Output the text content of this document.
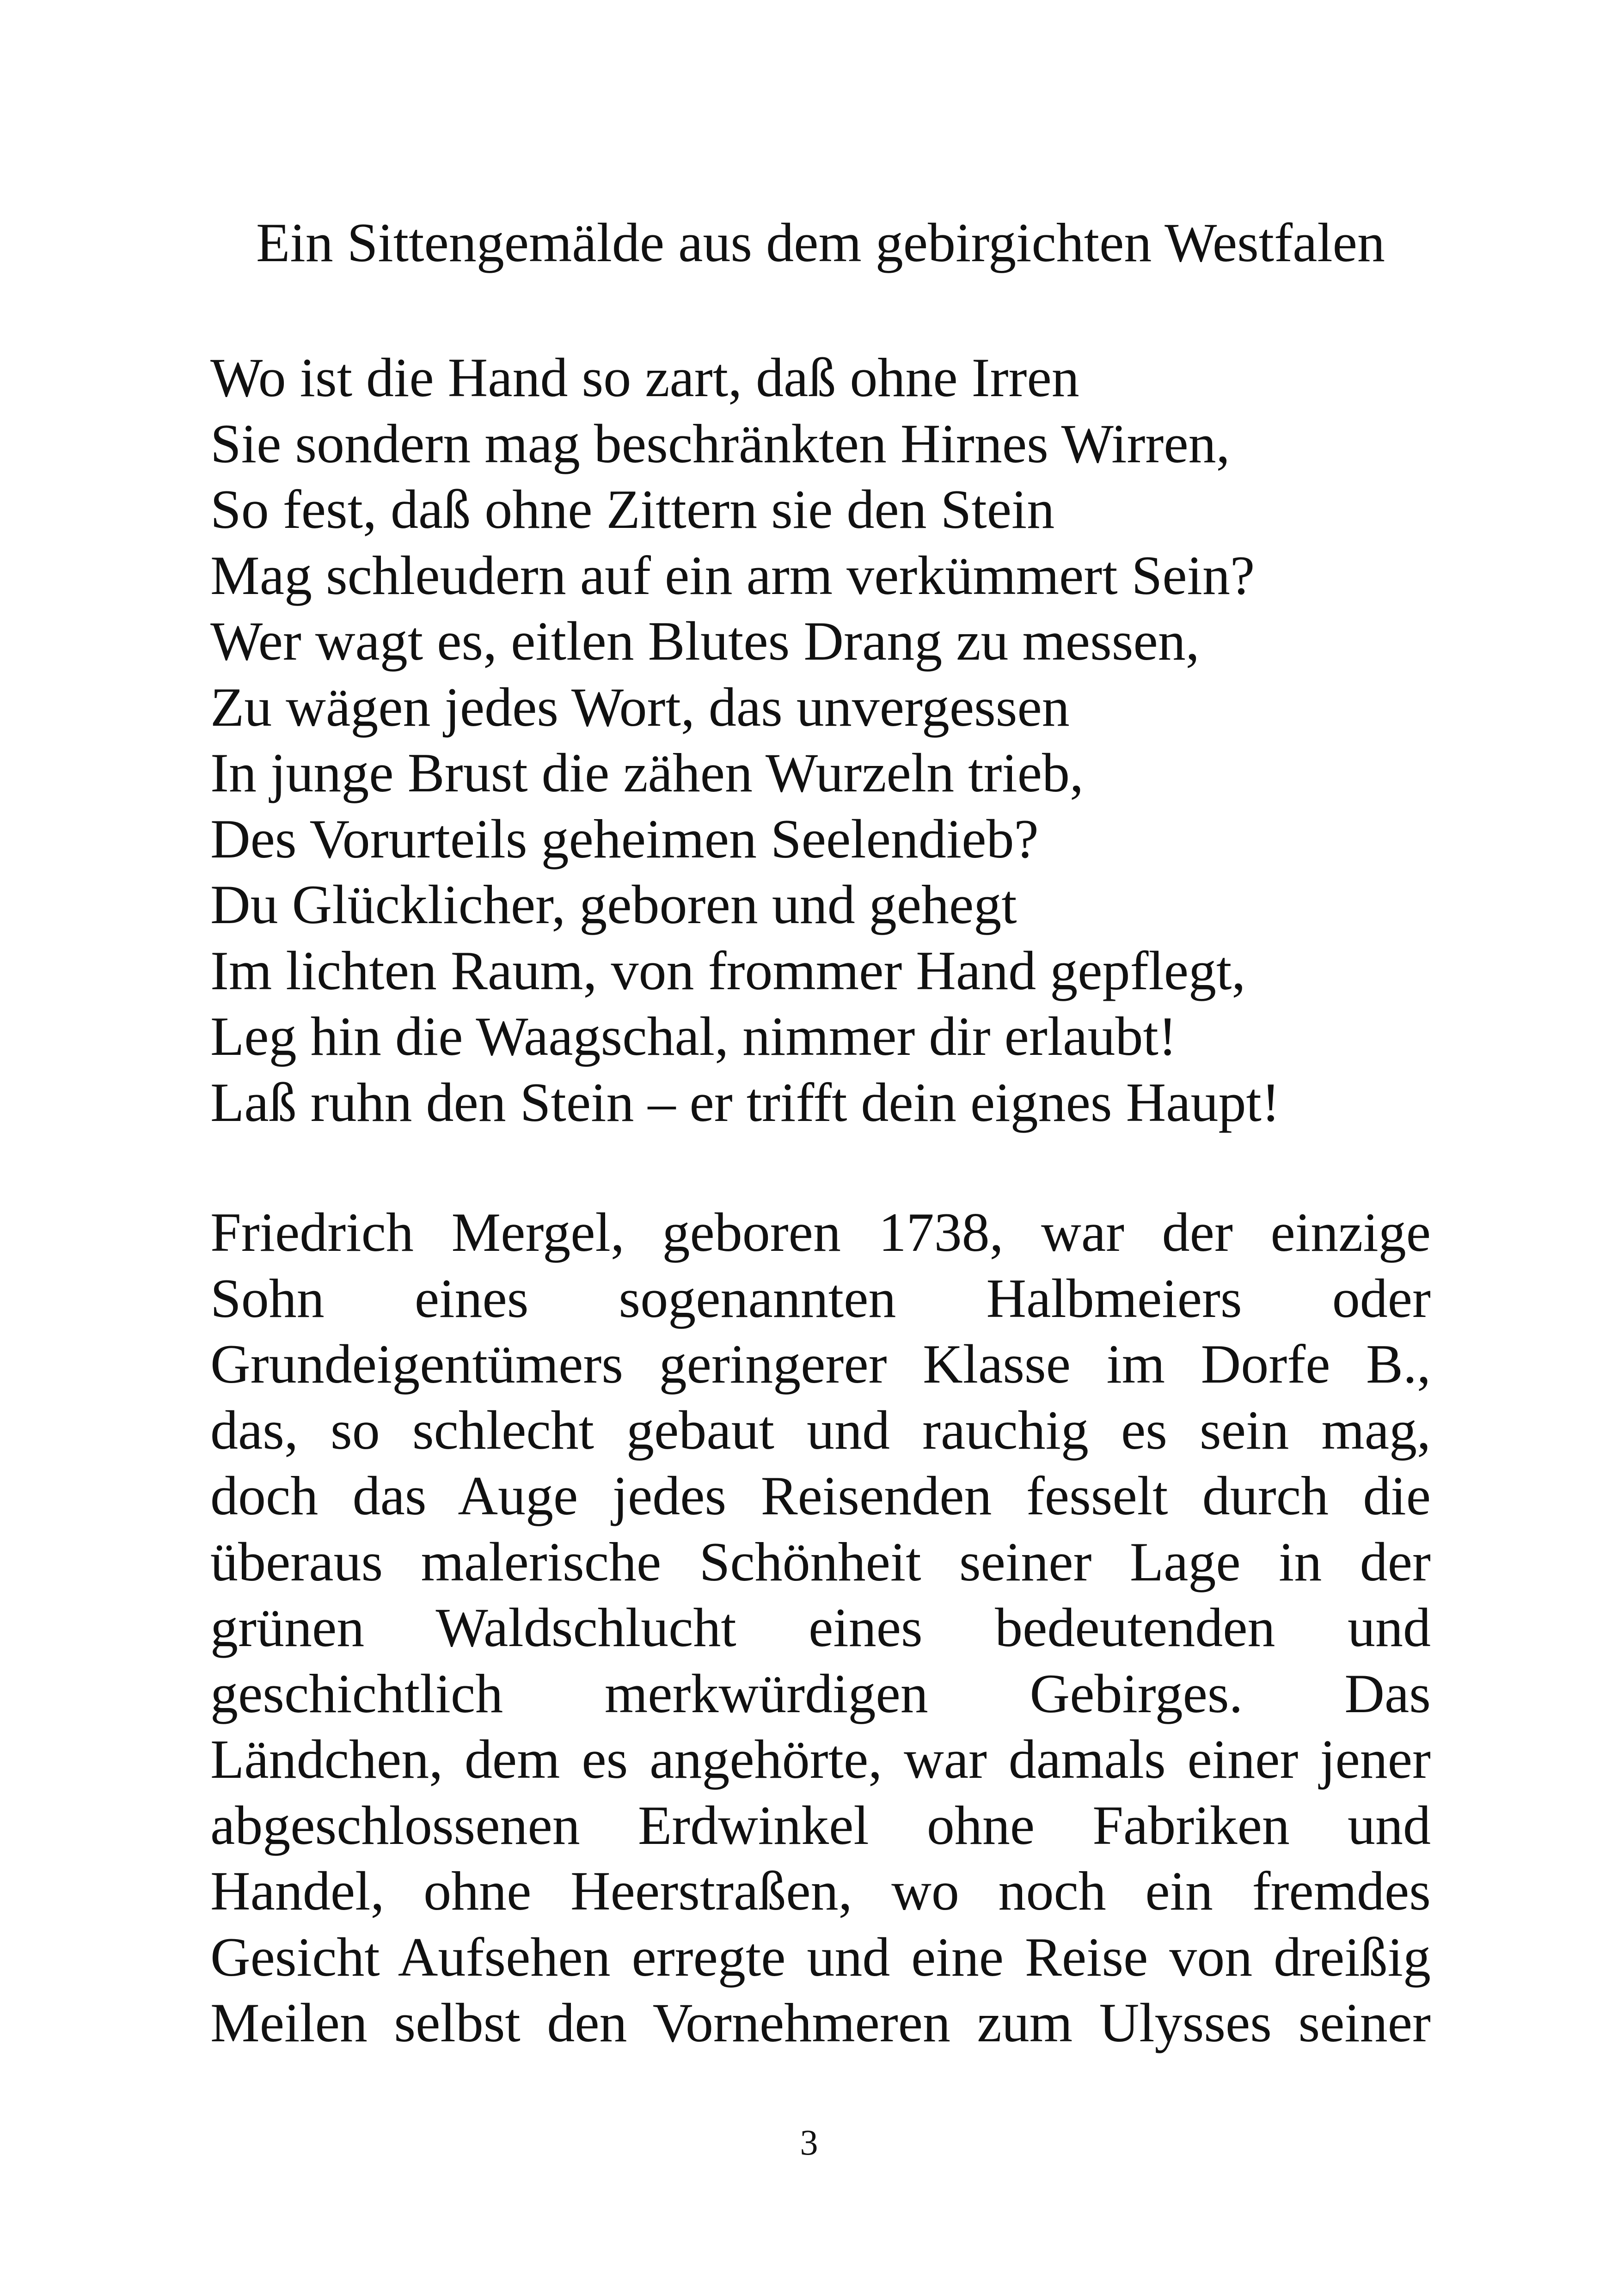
Ein Sittengemälde aus dem gebirgichten Westfalen
Wo ist die Hand so zart, daß ohne Irren
Sie sondern mag beschränkten Hirnes Wirren,
So fest, daß ohne Zittern sie den Stein
Mag schleudern auf ein arm verkümmert Sein?
Wer wagt es, eitlen Blutes Drang zu messen,
Zu wägen jedes Wort, das unvergessen
In junge Brust die zähen Wurzeln trieb,
Des Vorurteils geheimen Seelendieb?
Du Glücklicher, geboren und gehegt
Im lichten Raum, von frommer Hand gepflegt,
Leg hin die Waagschal, nimmer dir erlaubt!
Laß ruhn den Stein – er trifft dein eignes Haupt!
Friedrich Mergel, geboren 1738, war der einzige
Sohn eines sogenannten Halbmeiers oder
Grundeigentümers geringerer Klasse im Dorfe B.,
das, so schlecht gebaut und rauchig es sein mag,
doch das Auge jedes Reisenden fesselt durch die
überaus malerische Schönheit seiner Lage in der
grünen Waldschlucht eines bedeutenden und
geschichtlich merkwürdigen Gebirges. Das
Ländchen, dem es angehörte, war damals einer jener
abgeschlossenen Erdwinkel ohne Fabriken und
Handel, ohne Heerstraßen, wo noch ein fremdes
Gesicht Aufsehen erregte und eine Reise von dreißig
Meilen selbst den Vornehmeren zum Ulysses seiner
3
